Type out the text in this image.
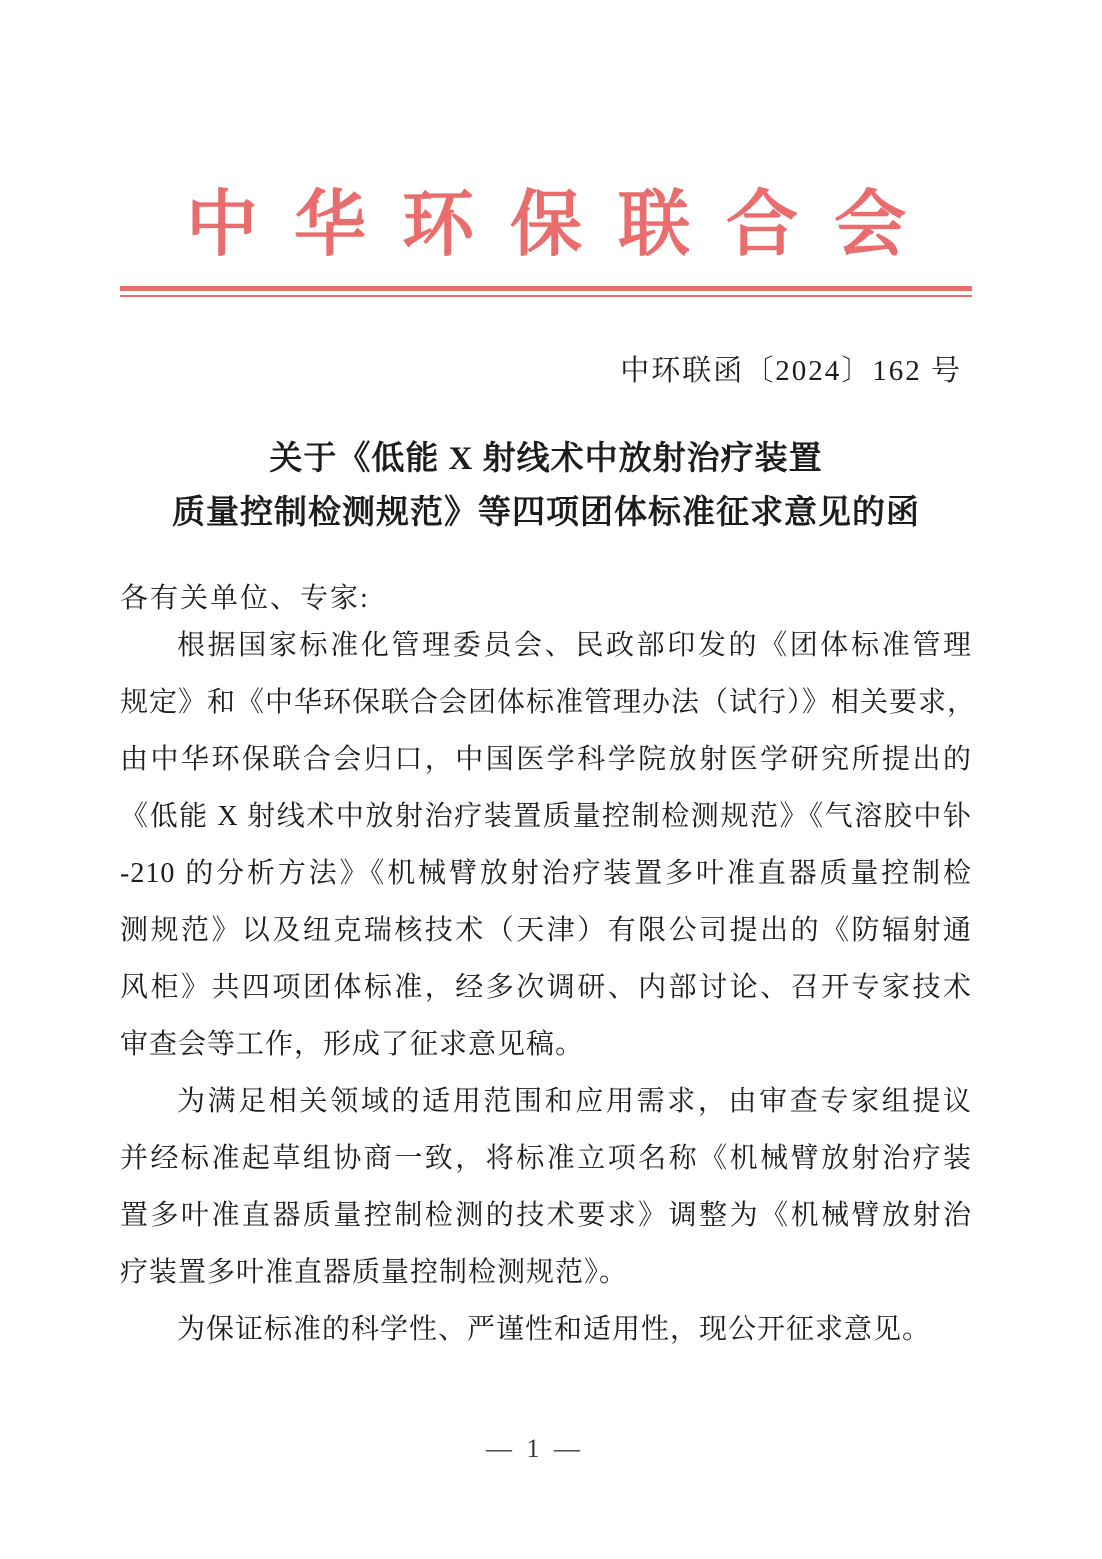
中华环保联合会
中环联函〔2024〕162 号
关于《低能 X 射线术中放射治疗装置
质量控制检测规范》等四项团体标准征求意见的函
各有关单位、专家:
根据国家标准化管理委员会、民政部印发的《团体标准管理
规定》和《中华环保联合会团体标准管理办法（试行）》相关要求，
由中华环保联合会归口，中国医学科学院放射医学研究所提出的
《低能 X 射线术中放射治疗装置质量控制检测规范》《气溶胶中钋
-210 的分析方法》《机械臂放射治疗装置多叶准直器质量控制检
测规范》以及纽克瑞核技术（天津）有限公司提出的《防辐射通
风柜》共四项团体标准，经多次调研、内部讨论、召开专家技术
审查会等工作，形成了征求意见稿。
为满足相关领域的适用范围和应用需求，由审查专家组提议
并经标准起草组协商一致，将标准立项名称《机械臂放射治疗装
置多叶准直器质量控制检测的技术要求》调整为《机械臂放射治
疗装置多叶准直器质量控制检测规范》。
为保证标准的科学性、严谨性和适用性，现公开征求意见。
— 1 —
